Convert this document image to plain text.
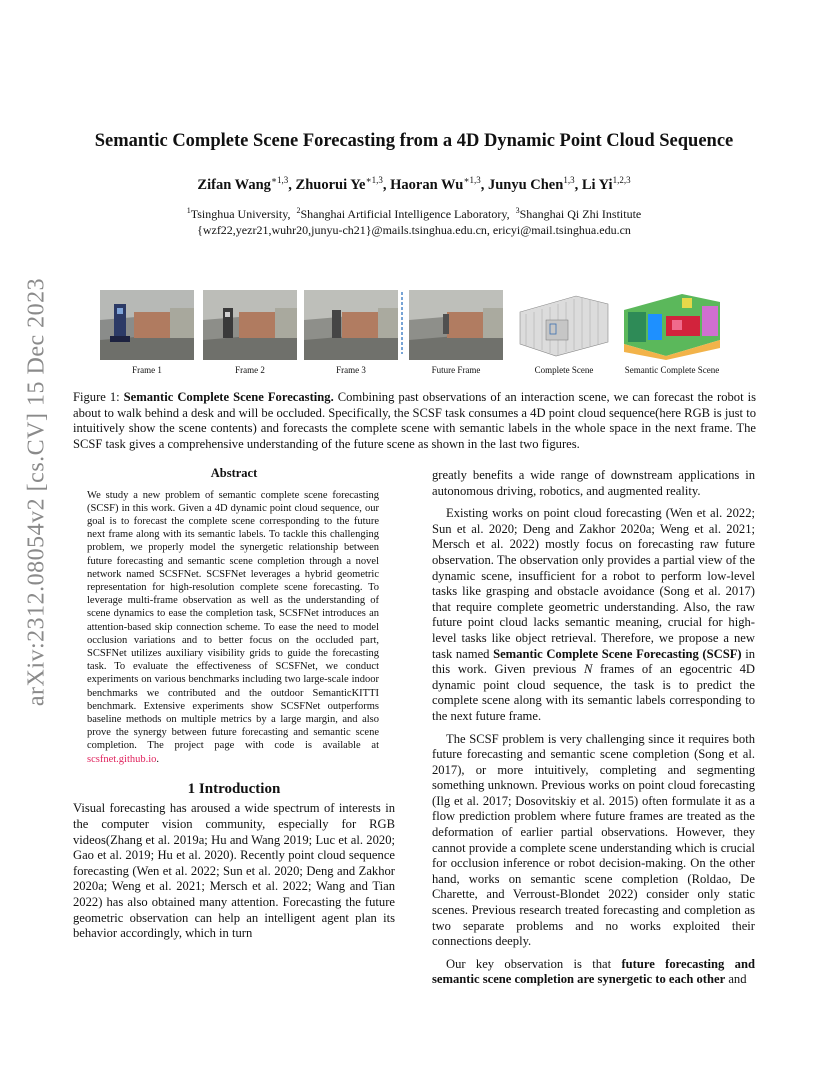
arXiv:2312.08054v2 [cs.CV] 15 Dec 2023
Semantic Complete Scene Forecasting from a 4D Dynamic Point Cloud Sequence
Zifan Wang$^{∗1,3}$, Zhuorui $Ye^{∗1,3}$, Haoran $Wu^{∗1,3}$, Junyu Chen$^{1,3}$, Li Yi$^{1,2,3}$
$^1$Tsinghua University, $^2$Shanghai Artificial Intelligence Laboratory, $^3$Shanghai Qi Zhi Institute
{wzf22,yezr21,wuhr20,junyu-ch21}@mails.tsinghua.edu.cn, ericyi@mail.tsinghua.edu.cn
Frame 1	Frame 2	Frame 3	Future Frame	Complete Scene	Semantic Complete Scene
Figure 1: Semantic Complete Scene Forecasting. Combining past observations of an interaction scene, we can forecast the robot is about to walk behind a desk and will be occluded. Specifically, the SCSF task consumes a 4D point cloud sequence(here RGB is just to intuitively show the scene contents) and forecasts the complete scene with semantic labels in the whole space in the next frame. The SCSF task gives a comprehensive understanding of the future scene as shown in the last two figures.
Abstract
We study a new problem of semantic complete scene forecasting (SCSF) in this work. Given a 4D dynamic point cloud sequence, our goal is to forecast the complete scene corresponding to the future next frame along with its semantic labels. To tackle this challenging problem, we properly model the synergetic relationship between future forecasting and semantic scene completion through a novel network named SCSFNet. SCSFNet leverages a hybrid geometric representation for high-resolution complete scene forecasting. To leverage multi-frame observation as well as the understanding of scene dynamics to ease the completion task, SCSFNet introduces an attention-based skip connection scheme. To ease the need to model occlusion variations and to better focus on the occluded part, SCSFNet utilizes auxiliary visibility grids to guide the forecasting task. To evaluate the effectiveness of SCSFNet, we conduct experiments on various benchmarks including two large-scale indoor benchmarks we contributed and the outdoor SemanticKITTI benchmark. Extensive experiments show SCSFNet outperforms baseline methods on multiple metrics by a large margin, and also prove the synergy between future forecasting and semantic scene completion. The project page with code is available at scsfnet.github.io.
1 Introduction

Visual forecasting has aroused a wide spectrum of interests in the computer vision community, especially for RGB videos(Zhang et al. 2019a; Hu and Wang 2019; Luc et al. 2020; Gao et al. 2019; Hu et al. 2020). Recently point cloud sequence forecasting (Wen et al. 2022; Sun et al. 2020; Deng and Zakhor 2020a; Weng et al. 2021; Mersch et al. 2022; Wang and Tian 2022) has also obtained many attention. Forecasting the future geometric observation can help an intelligent agent plan its behavior accordingly, which in turn

greatly benefits a wide range of downstream applications in autonomous driving, robotics, and augmented reality.

Existing works on point cloud forecasting (Wen et al. 2022; Sun et al. 2020; Deng and Zakhor 2020a; Weng et al. 2021; Mersch et al. 2022) mostly focus on forecasting raw future observation. The observation only provides a partial view of the dynamic scene, insufficient for a robot to perform low-level tasks like grasping and obstacle avoidance (Song et al. 2017) that require complete geometric understanding. Also, the raw future point cloud lacks semantic meaning, crucial for high-level tasks like object retrieval. Therefore, we propose a new task named Semantic Complete Scene Forecasting (SCSF) in this work. Given previous N frames of an egocentric 4D dynamic point cloud sequence, the task is to predict the complete scene along with its semantic labels corresponding to the next future frame.

The SCSF problem is very challenging since it requires both future forecasting and semantic scene completion (Song et al. 2017), or more intuitively, completing and segmenting something unknown. Previous works on point cloud forecasting (Ilg et al. 2017; Dosovitskiy et al. 2015) often formulate it as a flow prediction problem where future frames are treated as the deformation of earlier partial observations. However, they cannot provide a complete scene understanding which is crucial for occlusion inference or robot decision-making. On the other hand, works on semantic scene completion (Roldao, De Charette, and Verroust-Blondet 2022) consider only static scenes. Previous research treated forecasting and completion as two separate problems and no works exploited their connections deeply.

Our key observation is that future forecasting and semantic scene completion are synergetic to each other and
